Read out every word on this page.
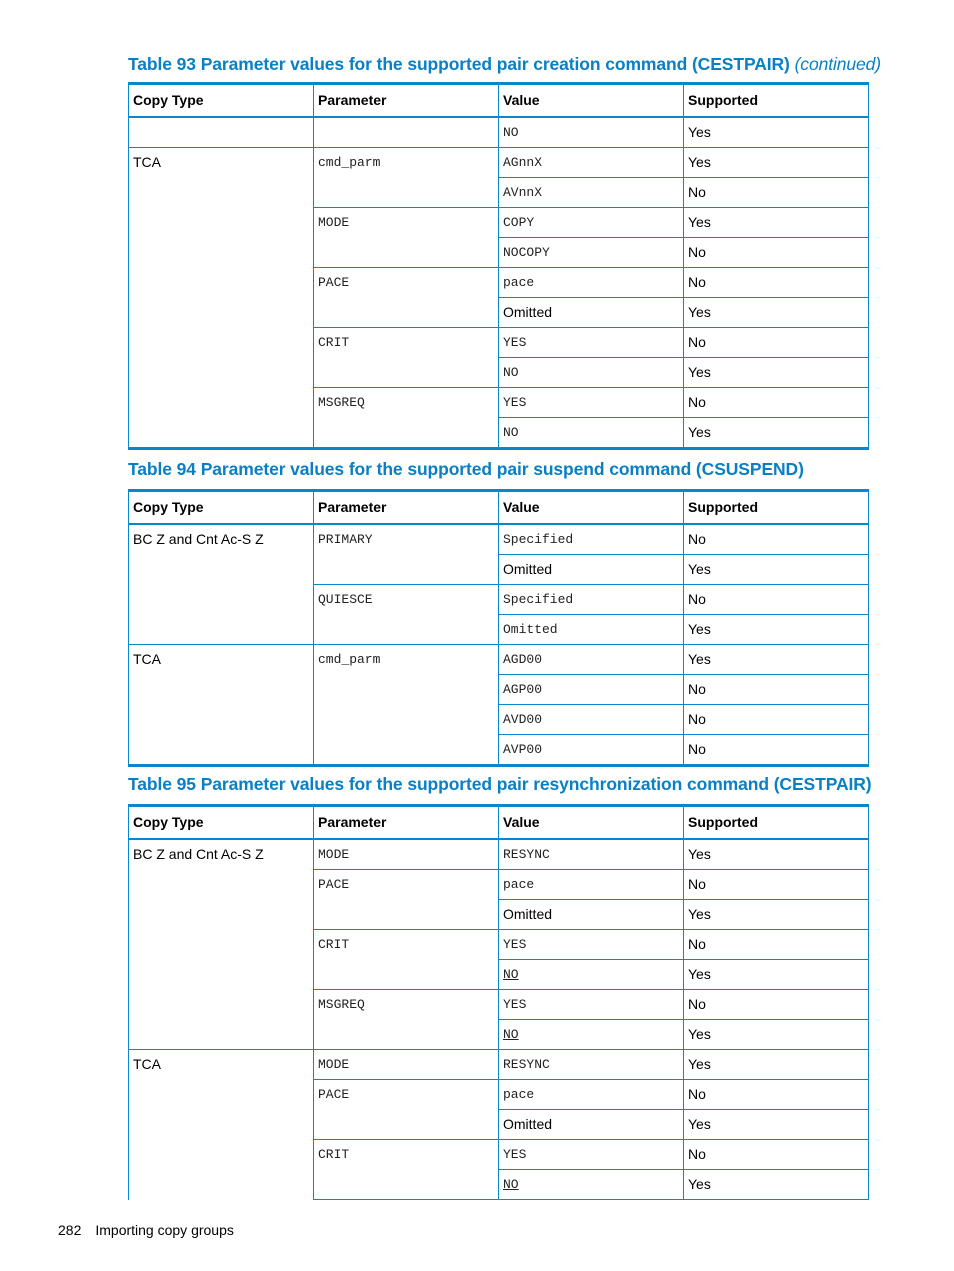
Table 93 Parameter values for the supported pair creation command (CESTPAIR) (continued)
Copy Type	Parameter	Value	Supported
		NO	Yes
TCA	cmd_parm	AGnnX	Yes
		AVnnX	No
	MODE	COPY	Yes
		NOCOPY	No
	PACE	pace	No
		Omitted	Yes
	CRIT	YES	No
		NO	Yes
	MSGREQ	YES	No
		NO	Yes
Table 94 Parameter values for the supported pair suspend command (CSUSPEND)
Copy Type	Parameter	Value	Supported
BC Z and Cnt Ac-S Z	PRIMARY	Specified	No
		Omitted	Yes
	QUIESCE	Specified	No
		Omitted	Yes
TCA	cmd_parm	AGD00	Yes
		AGP00	No
		AVD00	No
		AVP00	No
Table 95 Parameter values for the supported pair resynchronization command (CESTPAIR)
Copy Type	Parameter	Value	Supported
BC Z and Cnt Ac-S Z	MODE	RESYNC	Yes
	PACE	pace	No
		Omitted	Yes
	CRIT	YES	No
		NO	Yes
	MSGREQ	YES	No
		NO	Yes
TCA	MODE	RESYNC	Yes
	PACE	pace	No
		Omitted	Yes
	CRIT	YES	No
		NO	Yes
282 Importing copy groups
